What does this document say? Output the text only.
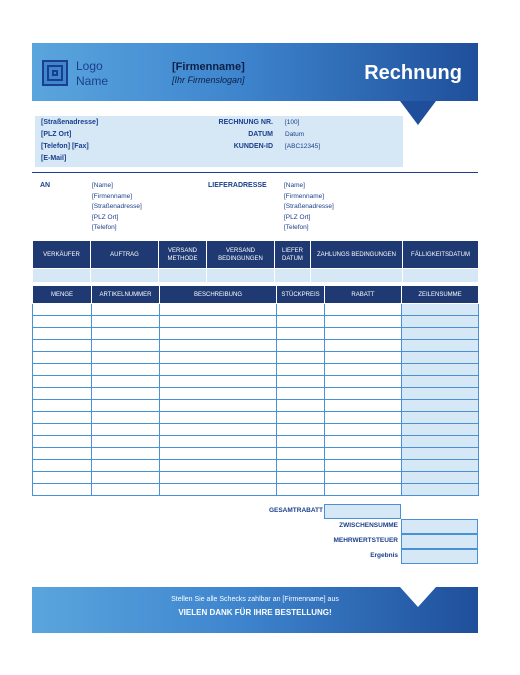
Logo
Name
[Firmenname]
[Ihr Firmenslogan]	Rechnung
[Straßenadresse]
[PLZ Ort]
[Telefon] [Fax]
[E-Mail]
RECHNUNG NR. [100]
DATUM Datum
KUNDEN-ID [ABC12345]
AN	[Name]
[Firmenname]
[Straßenadresse]
[PLZ Ort]
[Telefon]
LIEFERADRESSE	[Name]
[Firmenname]
[Straßenadresse]
[PLZ Ort]
[Telefon]
VERKÄUFER	AUFTRAG	VERSAND METHODE	VERSAND BEDINGUNGEN	LIEFER DATUM	ZAHLUNGS BEDINGUNGEN	FÄLLIGKEITSDATUM

MENGE	ARTIKELNUMMER	BESCHREIBUNG	STÜCKPREIS	RABATT	ZEILENSUMME

GESAMTRABATT
ZWISCHENSUMME
MEHRWERTSTEUER
Ergebnis
Stellen Sie alle Schecks zahlbar an [Firmenname] aus
VIELEN DANK FÜR IHRE BESTELLUNG!
